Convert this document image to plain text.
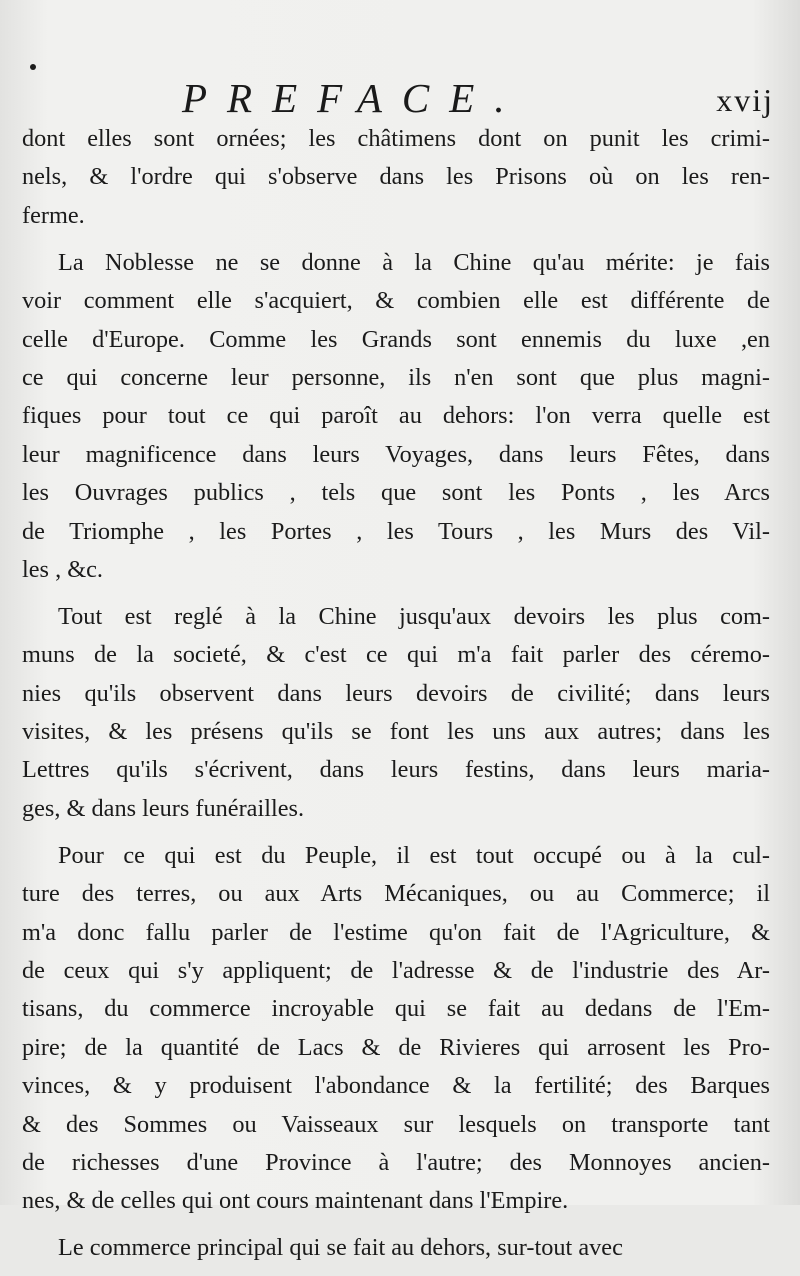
PREFACE.	xvij
dont elles sont ornées; les châtimens dont on punit les crimi-
nels, & l'ordre qui s'observe dans les Prisons où on les ren-
ferme.
La Noblesse ne se donne à la Chine qu'au mérite: je fais
voir comment elle s'acquiert, & combien elle est différente de
celle d'Europe. Comme les Grands sont ennemis du luxe ,en
ce qui concerne leur personne, ils n'en sont que plus magni-
fiques pour tout ce qui paroît au dehors: l'on verra quelle est
leur magnificence dans leurs Voyages, dans leurs Fêtes, dans
les Ouvrages publics , tels que sont les Ponts , les Arcs
de Triomphe , les Portes , les Tours , les Murs des Vil-
les , &c.
Tout est reglé à la Chine jusqu'aux devoirs les plus com-
muns de la societé, & c'est ce qui m'a fait parler des céremo-
nies qu'ils observent dans leurs devoirs de civilité; dans leurs
visites, & les présens qu'ils se font les uns aux autres; dans les
Lettres qu'ils s'écrivent, dans leurs festins, dans leurs maria-
ges, & dans leurs funérailles.
Pour ce qui est du Peuple, il est tout occupé ou à la cul-
ture des terres, ou aux Arts Mécaniques, ou au Commerce; il
m'a donc fallu parler de l'estime qu'on fait de l'Agriculture, &
de ceux qui s'y appliquent; de l'adresse & de l'industrie des Ar-
tisans, du commerce incroyable qui se fait au dedans de l'Em-
pire; de la quantité de Lacs & de Rivieres qui arrosent les Pro-
vinces, & y produisent l'abondance & la fertilité; des Barques
& des Sommes ou Vaisseaux sur lesquels on transporte tant
de richesses d'une Province à l'autre; des Monnoyes ancien-
nes, & de celles qui ont cours maintenant dans l'Empire.
Le commerce principal qui se fait au dehors, sur-tout avec
